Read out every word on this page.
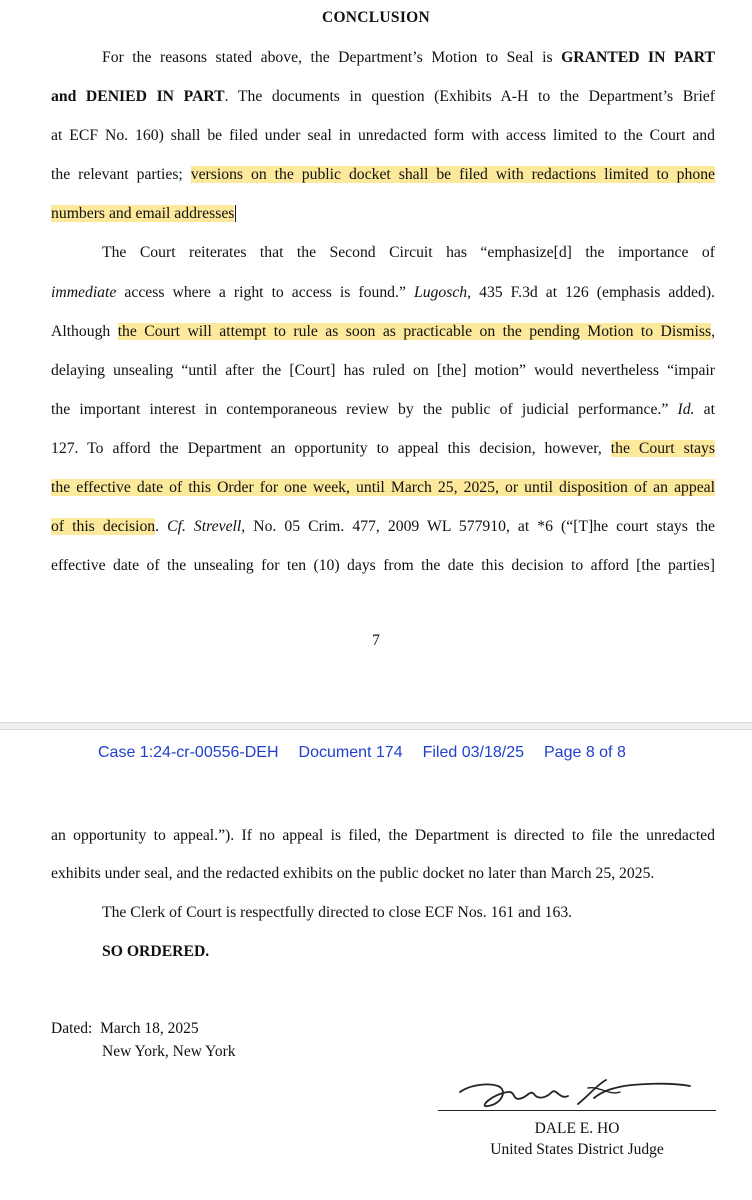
CONCLUSION
For the reasons stated above, the Department’s Motion to Seal is GRANTED IN PART
and DENIED IN PART. The documents in question (Exhibits A-H to the Department’s Brief
at ECF No. 160) shall be filed under seal in unredacted form with access limited to the Court and
the relevant parties; versions on the public docket shall be filed with redactions limited to phone
numbers and email addresses
The Court reiterates that the Second Circuit has “emphasize[d] the importance of
immediate access where a right to access is found.” Lugosch, 435 F.3d at 126 (emphasis added).
Although the Court will attempt to rule as soon as practicable on the pending Motion to Dismiss,
delaying unsealing “until after the [Court] has ruled on [the] motion” would nevertheless “impair
the important interest in contemporaneous review by the public of judicial performance.” Id. at
127. To afford the Department an opportunity to appeal this decision, however, the Court stays
the effective date of this Order for one week, until March 25, 2025, or until disposition of an appeal
of this decision. Cf. Strevell, No. 05 Crim. 477, 2009 WL 577910, at *6 (“[T]he court stays the
effective date of the unsealing for ten (10) days from the date this decision to afford [the parties]
7
Case 1:24-cr-00556-DEH Document 174 Filed 03/18/25 Page 8 of 8
an opportunity to appeal.”). If no appeal is filed, the Department is directed to file the unredacted
exhibits under seal, and the redacted exhibits on the public docket no later than March 25, 2025.
The Clerk of Court is respectfully directed to close ECF Nos. 161 and 163.
SO ORDERED.
Dated: March 18, 2025
New York, New York
DALE E. HO
United States District Judge
